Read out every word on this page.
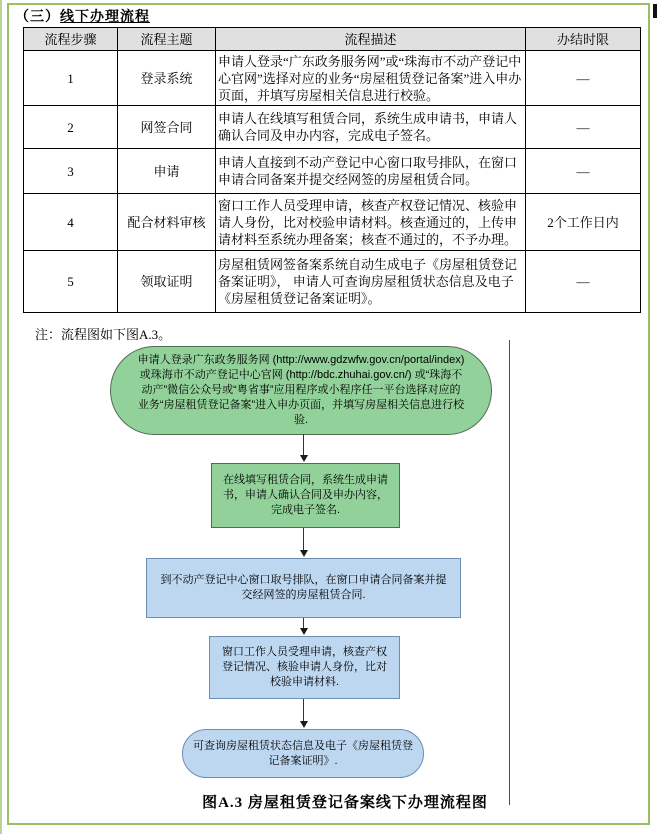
（三）线下办理流程
流程步骤	流程主题	流程描述	办结时限
1	登录系统	申请人登录“广东政务服务网”或“珠海市不动产登记中心官网”选择对应的业务“房屋租赁登记备案”进入申办页面，并填写房屋相关信息进行校验。	—
2	网签合同	申请人在线填写租赁合同，系统生成申请书，申请人确认合同及申办内容，完成电子签名。	—
3	申请	申请人直接到不动产登记中心窗口取号排队，在窗口申请合同备案并提交经网签的房屋租赁合同。	—
4	配合材料审核	窗口工作人员受理申请，核查产权登记情况、核验申请人身份，比对校验申请材料。核查通过的，上传申请材料至系统办理备案；核查不通过的，不予办理。	2个工作日内
5	领取证明	房屋租赁网签备案系统自动生成电子《房屋租赁登记备案证明》， 申请人可查询房屋租赁状态信息及电子《房屋租赁登记备案证明》。	—
注：流程图如下图A.3。
申请人登录广东政务服务网 (http://www.gdzwfw.gov.cn/portal/index) 或珠海市不动产登记中心官网 (http://bdc.zhuhai.gov.cn/) 或“珠海不动产”微信公众号或“粤省事”应用程序或小程序任一平台选择对应的业务“房屋租赁登记备案”进入申办页面，并填写房屋相关信息进行校验.
在线填写租赁合同，系统生成申请书，申请人确认合同及申办内容，完成电子签名.
到不动产登记中心窗口取号排队，在窗口申请合同备案并提交经网签的房屋租赁合同.
窗口工作人员受理申请，核查产权登记情况、核验申请人身份，比对校验申请材料.
可查询房屋租赁状态信息及电子《房屋租赁登记备案证明》.
图A.3 房屋租赁登记备案线下办理流程图
